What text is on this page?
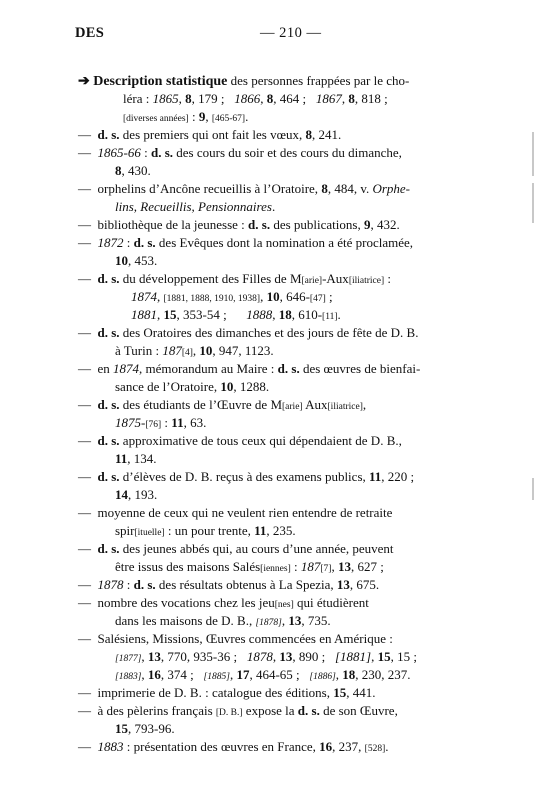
DES	— 210 —
➔ Description statistique des personnes frappées par le cho-
léra : 1865, 8, 179 ;   1866, 8, 464 ;   1867, 8, 818 ;
[diverses années] : 9, [465-67].
—  d. s. des premiers qui ont fait les vœux, 8, 241.
—  1865-66 : d. s. des cours du soir et des cours du dimanche,
8, 430.
—  orphelins d’Ancône recueillis à l’Oratoire, 8, 484, v. Orphe-
lins, Recueillis, Pensionnaires.
—  bibliothèque de la jeunesse : d. s. des publications, 9, 432.
—  1872 : d. s. des Evêques dont la nomination a été proclamée,
10, 453.
—  d. s. du développement des Filles de M[arie]-Aux[iliatrice] :
1874, [1881, 1888, 1910, 1938], 10, 646-[47] ;
1881, 15, 353-54 ;      1888, 18, 610-[11].
—  d. s. des Oratoires des dimanches et des jours de fête de D. B.
à Turin : 187[4], 10, 947, 1123.
—  en 1874, mémorandum au Maire : d. s. des œuvres de bienfai-
sance de l’Oratoire, 10, 1288.
—  d. s. des étudiants de l’Œuvre de M[arie] Aux[iliatrice],
1875-[76] : 11, 63.
—  d. s. approximative de tous ceux qui dépendaient de D. B.,
11, 134.
—  d. s. d’élèves de D. B. reçus à des examens publics, 11, 220 ;
14, 193.
—  moyenne de ceux qui ne veulent rien entendre de retraite
spir[ituelle] : un pour trente, 11, 235.
—  d. s. des jeunes abbés qui, au cours d’une année, peuvent
être issus des maisons Salés[iennes] : 187[7], 13, 627 ;
—  1878 : d. s. des résultats obtenus à La Spezia, 13, 675.
—  nombre des vocations chez les jeu[nes] qui étudièrent
dans les maisons de D. B., [1878], 13, 735.
—  Salésiens, Missions, Œuvres commencées en Amérique :
[1877], 13, 770, 935-36 ;   1878, 13, 890 ;   [1881], 15, 15 ;
[1883], 16, 374 ;   [1885], 17, 464-65 ;   [1886], 18, 230, 237.
—  imprimerie de D. B. : catalogue des éditions, 15, 441.
—  à des pèlerins français [D. B.] expose la d. s. de son Œuvre,
15, 793-96.
—  1883 : présentation des œuvres en France, 16, 237, [528].
